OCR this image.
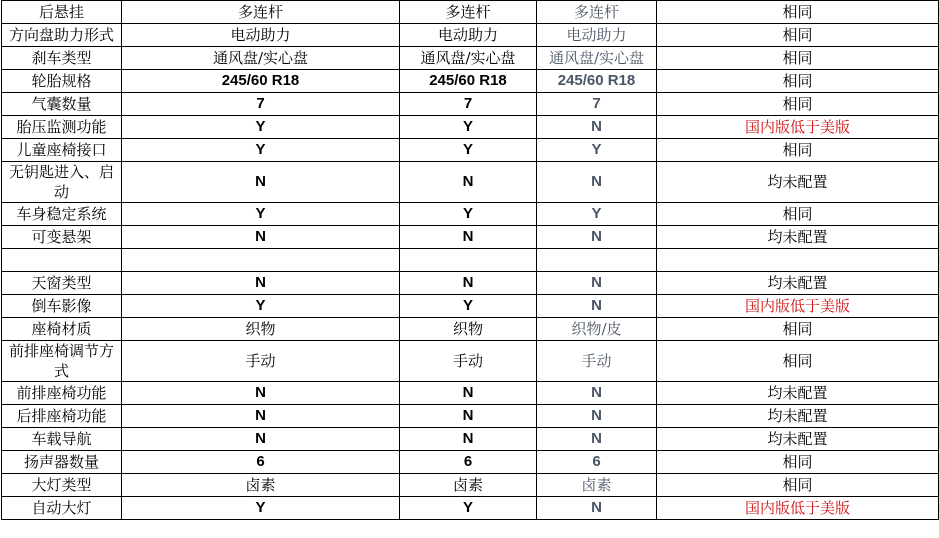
后悬挂	多连杆	多连杆	多连杆	相同
方向盘助力形式	电动助力	电动助力	电动助力	相同
刹车类型	通风盘/实心盘	通风盘/实心盘	通风盘/实心盘	相同
轮胎规格	245/60 R18	245/60 R18	245/60 R18	相同
气囊数量	7	7	7	相同
胎压监测功能	Y	Y	N	国内版低于美版
儿童座椅接口	Y	Y	Y	相同
无钥匙进入、启动	N	N	N	均未配置
车身稳定系统	Y	Y	Y	相同
可变悬架	N	N	N	均未配置

天窗类型	N	N	N	均未配置
倒车影像	Y	Y	N	国内版低于美版
座椅材质	织物	织物	织物/皮	相同
前排座椅调节方式	手动	手动	手动	相同
前排座椅功能	N	N	N	均未配置
后排座椅功能	N	N	N	均未配置
车载导航	N	N	N	均未配置
扬声器数量	6	6	6	相同
大灯类型	卤素	卤素	卤素	相同
自动大灯	Y	Y	N	国内版低于美版
